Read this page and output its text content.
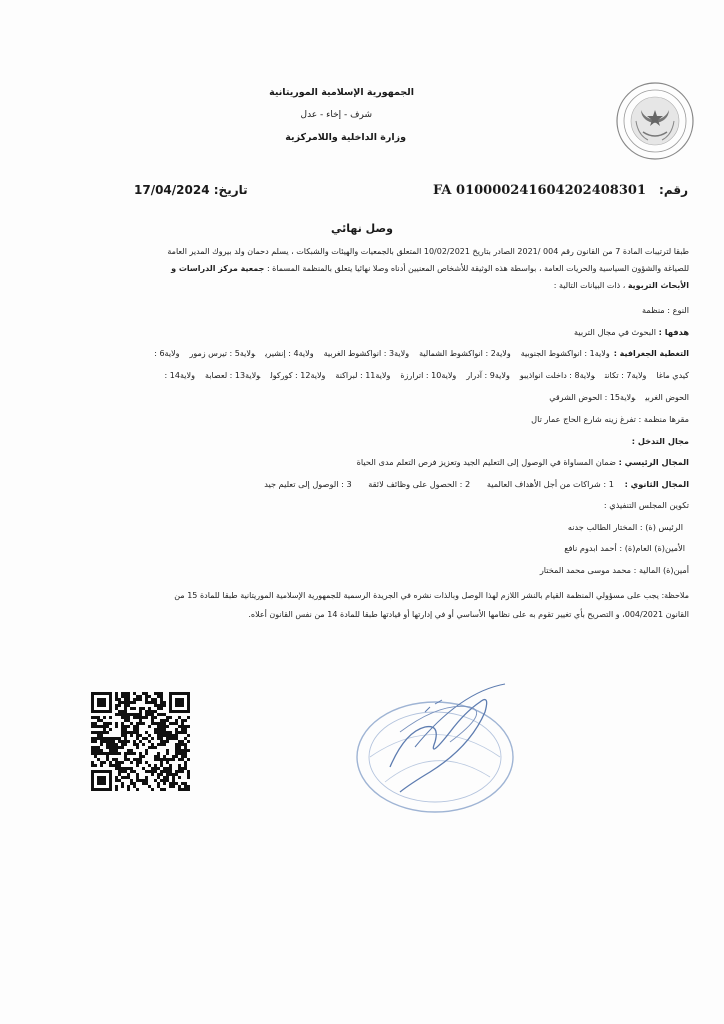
الجمهورية الإسلامية الموريتانية
شرف - إخاء - عدل
وزارة الداخلية واللامركزية
رقم:
FA 010000241604202408301
تاريخ: 17/04/2024
وصل نهائي
طبقا لترتيبات المادة 7 من القانون رقم 004 /2021 الصادر بتاريخ 10/02/2021 المتعلق بالجمعيات والهيئات والشبكات ، يسلم دحمان ولد بيروك المدير العامة
للصياغة والشؤون السياسية والحريات العامة ، بواسطة هذه الوثيقة للأشخاص المعنيين أدناه وصلا نهائيا يتعلق بالمنظمة المسماة : جمعية مركز الدراسات و
الأبحاث التربوية ، ذات البيانات التالية :
النوع : منظمة
هدفها : البحوث في مجال التربية
التغطية الجغرافية :ولاية1 : انواكشوط الجنوبيةولاية2 : انواكشوط الشماليةولاية3 : انواكشوط الغربيةولاية4 : إنشيريولاية5 : تيرس زمورولاية6 :
كيدي ماغاولاية7 : تكانتولاية8 : داخلت انواذيبوولاية9 : آدرارولاية10 : اترارزةولاية11 : لبراكنةولاية12 : كوركولولاية13 : لعصابةولاية14 :
الحوض الغربيولاية15 : الحوض الشرقي
مقرها منظمة : تفرغ زينه شارع الحاج عمار تال
مجال التدخل :
المجال الرئيسي : ضمان المساواة في الوصول إلى التعليم الجيد وتعزيز فرص التعلم مدى الحياة
المجال الثانوي : 1 : شراكات من أجل الأهداف العالمية 2 : الحصول على وظائف لائقة 3 : الوصول إلى تعليم جيد
تكوين المجلس التنفيذي :
الرئيس (ة) : المختار الطالب جدنه
الأمين(ة) العام(ة) : أحمد ابدوم نافع
أمين(ة) المالية : محمد موسى محمد المختار
ملاحظة: يجب على مسؤولي المنظمة القيام بالنشر اللازم لهذا الوصل وبالذات نشره في الجريدة الرسمية للجمهورية الإسلامية الموريتانية طبقا للمادة 15 من
القانون 004/2021، و التصريح بأي تغيير تقوم به على نظامها الأساسي أو في إدارتها أو قيادتها طبقا للمادة 14 من نفس القانون أعلاه.
